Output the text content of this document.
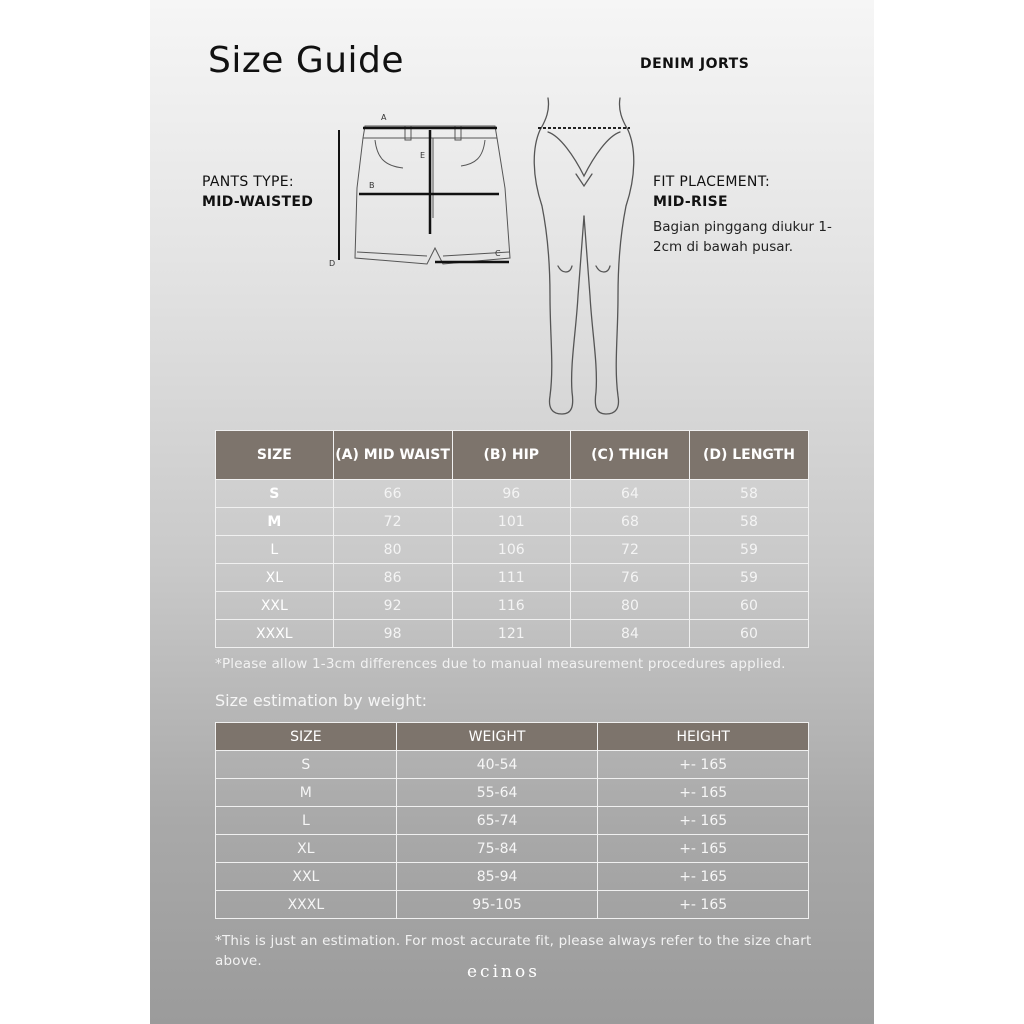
Size Guide	DENIM JORTS
PANTS TYPE:
MID-WAISTED
FIT PLACEMENT:
MID-RISE
Bagian pinggang diukur 1-2cm di bawah pusar.
A
B
C
D
E
SIZE	(A) MID WAIST	(B) HIP	(C) THIGH	(D) LENGTH
S	66	96	64	58
M	72	101	68	58
L	80	106	72	59
XL	86	111	76	59
XXL	92	116	80	60
XXXL	98	121	84	60
*Please allow 1-3cm differences due to manual measurement procedures applied.
Size estimation by weight:
SIZE	WEIGHT	HEIGHT
S	40-54	+- 165
M	55-64	+- 165
L	65-74	+- 165
XL	75-84	+- 165
XXL	85-94	+- 165
XXXL	95-105	+- 165
*This is just an estimation. For most accurate fit, please always refer to the size chart above.
ecinos
